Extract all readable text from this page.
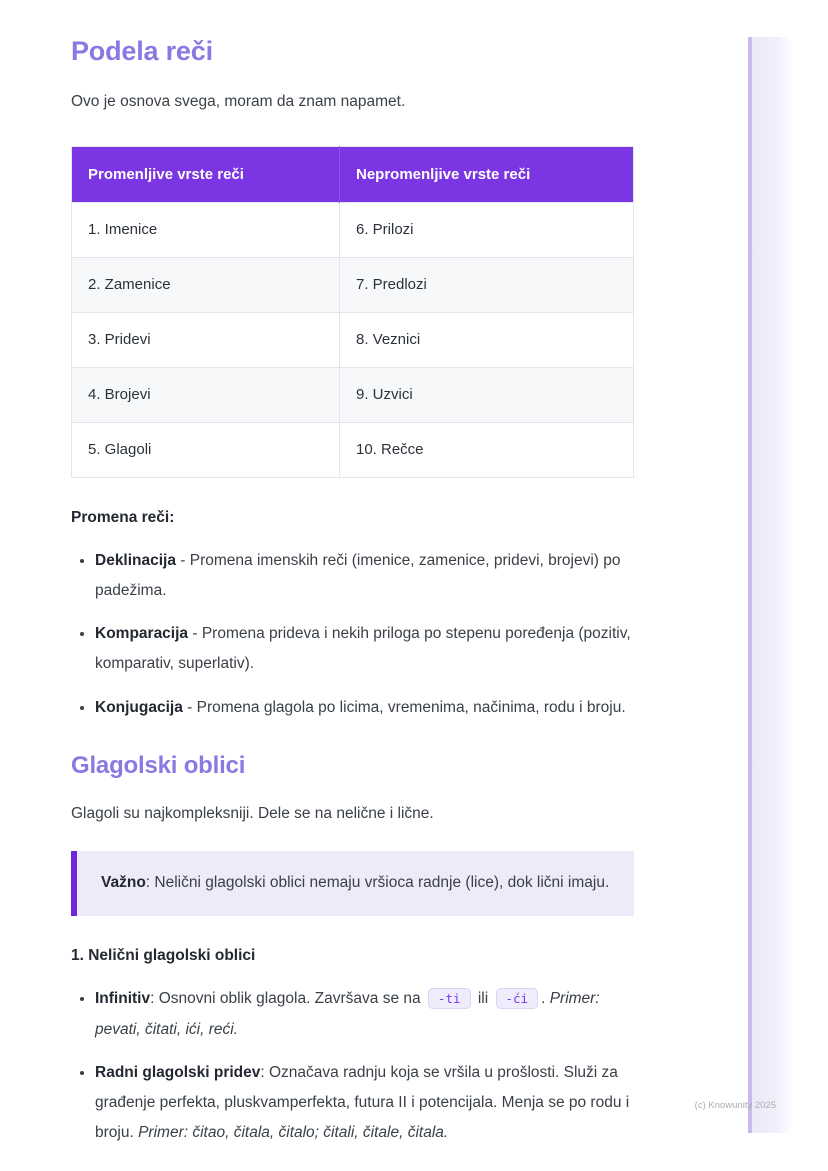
(c) Knowunity 2025
Podela reči

Ovo je osnova svega, moram da znam napamet.

Promenljive vrste reči	Nepromenljive vrste reči
1. Imenice	6. Prilozi
2. Zamenice	7. Predlozi
3. Pridevi	8. Veznici
4. Brojevi	9. Uzvici
5. Glagoli	10. Rečce

Promena reči:

• Deklinacija - Promena imenskih reči (imenice, zamenice, pridevi, brojevi) po padežima.
• Komparacija - Promena prideva i nekih priloga po stepenu poređenja (pozitiv, komparativ, superlativ).
• Konjugacija - Promena glagola po licima, vremenima, načinima, rodu i broju.
Glagolski oblici

Glagoli su najkompleksniji. Dele se na nelične i lične.

Važno: Nelični glagolski oblici nemaju vršioca radnje (lice), dok lični imaju.

1. Nelični glagolski oblici

• Infinitiv: Osnovni oblik glagola. Završava se na -ti ili -ći . Primer: pevati, čitati, ići, reći.
• Radni glagolski pridev: Označava radnju koja se vršila u prošlosti. Služi za građenje perfekta, pluskvamperfekta, futura II i potencijala. Menja se po rodu i broju. Primer: čitao, čitala, čitalo; čitali, čitale, čitala.
